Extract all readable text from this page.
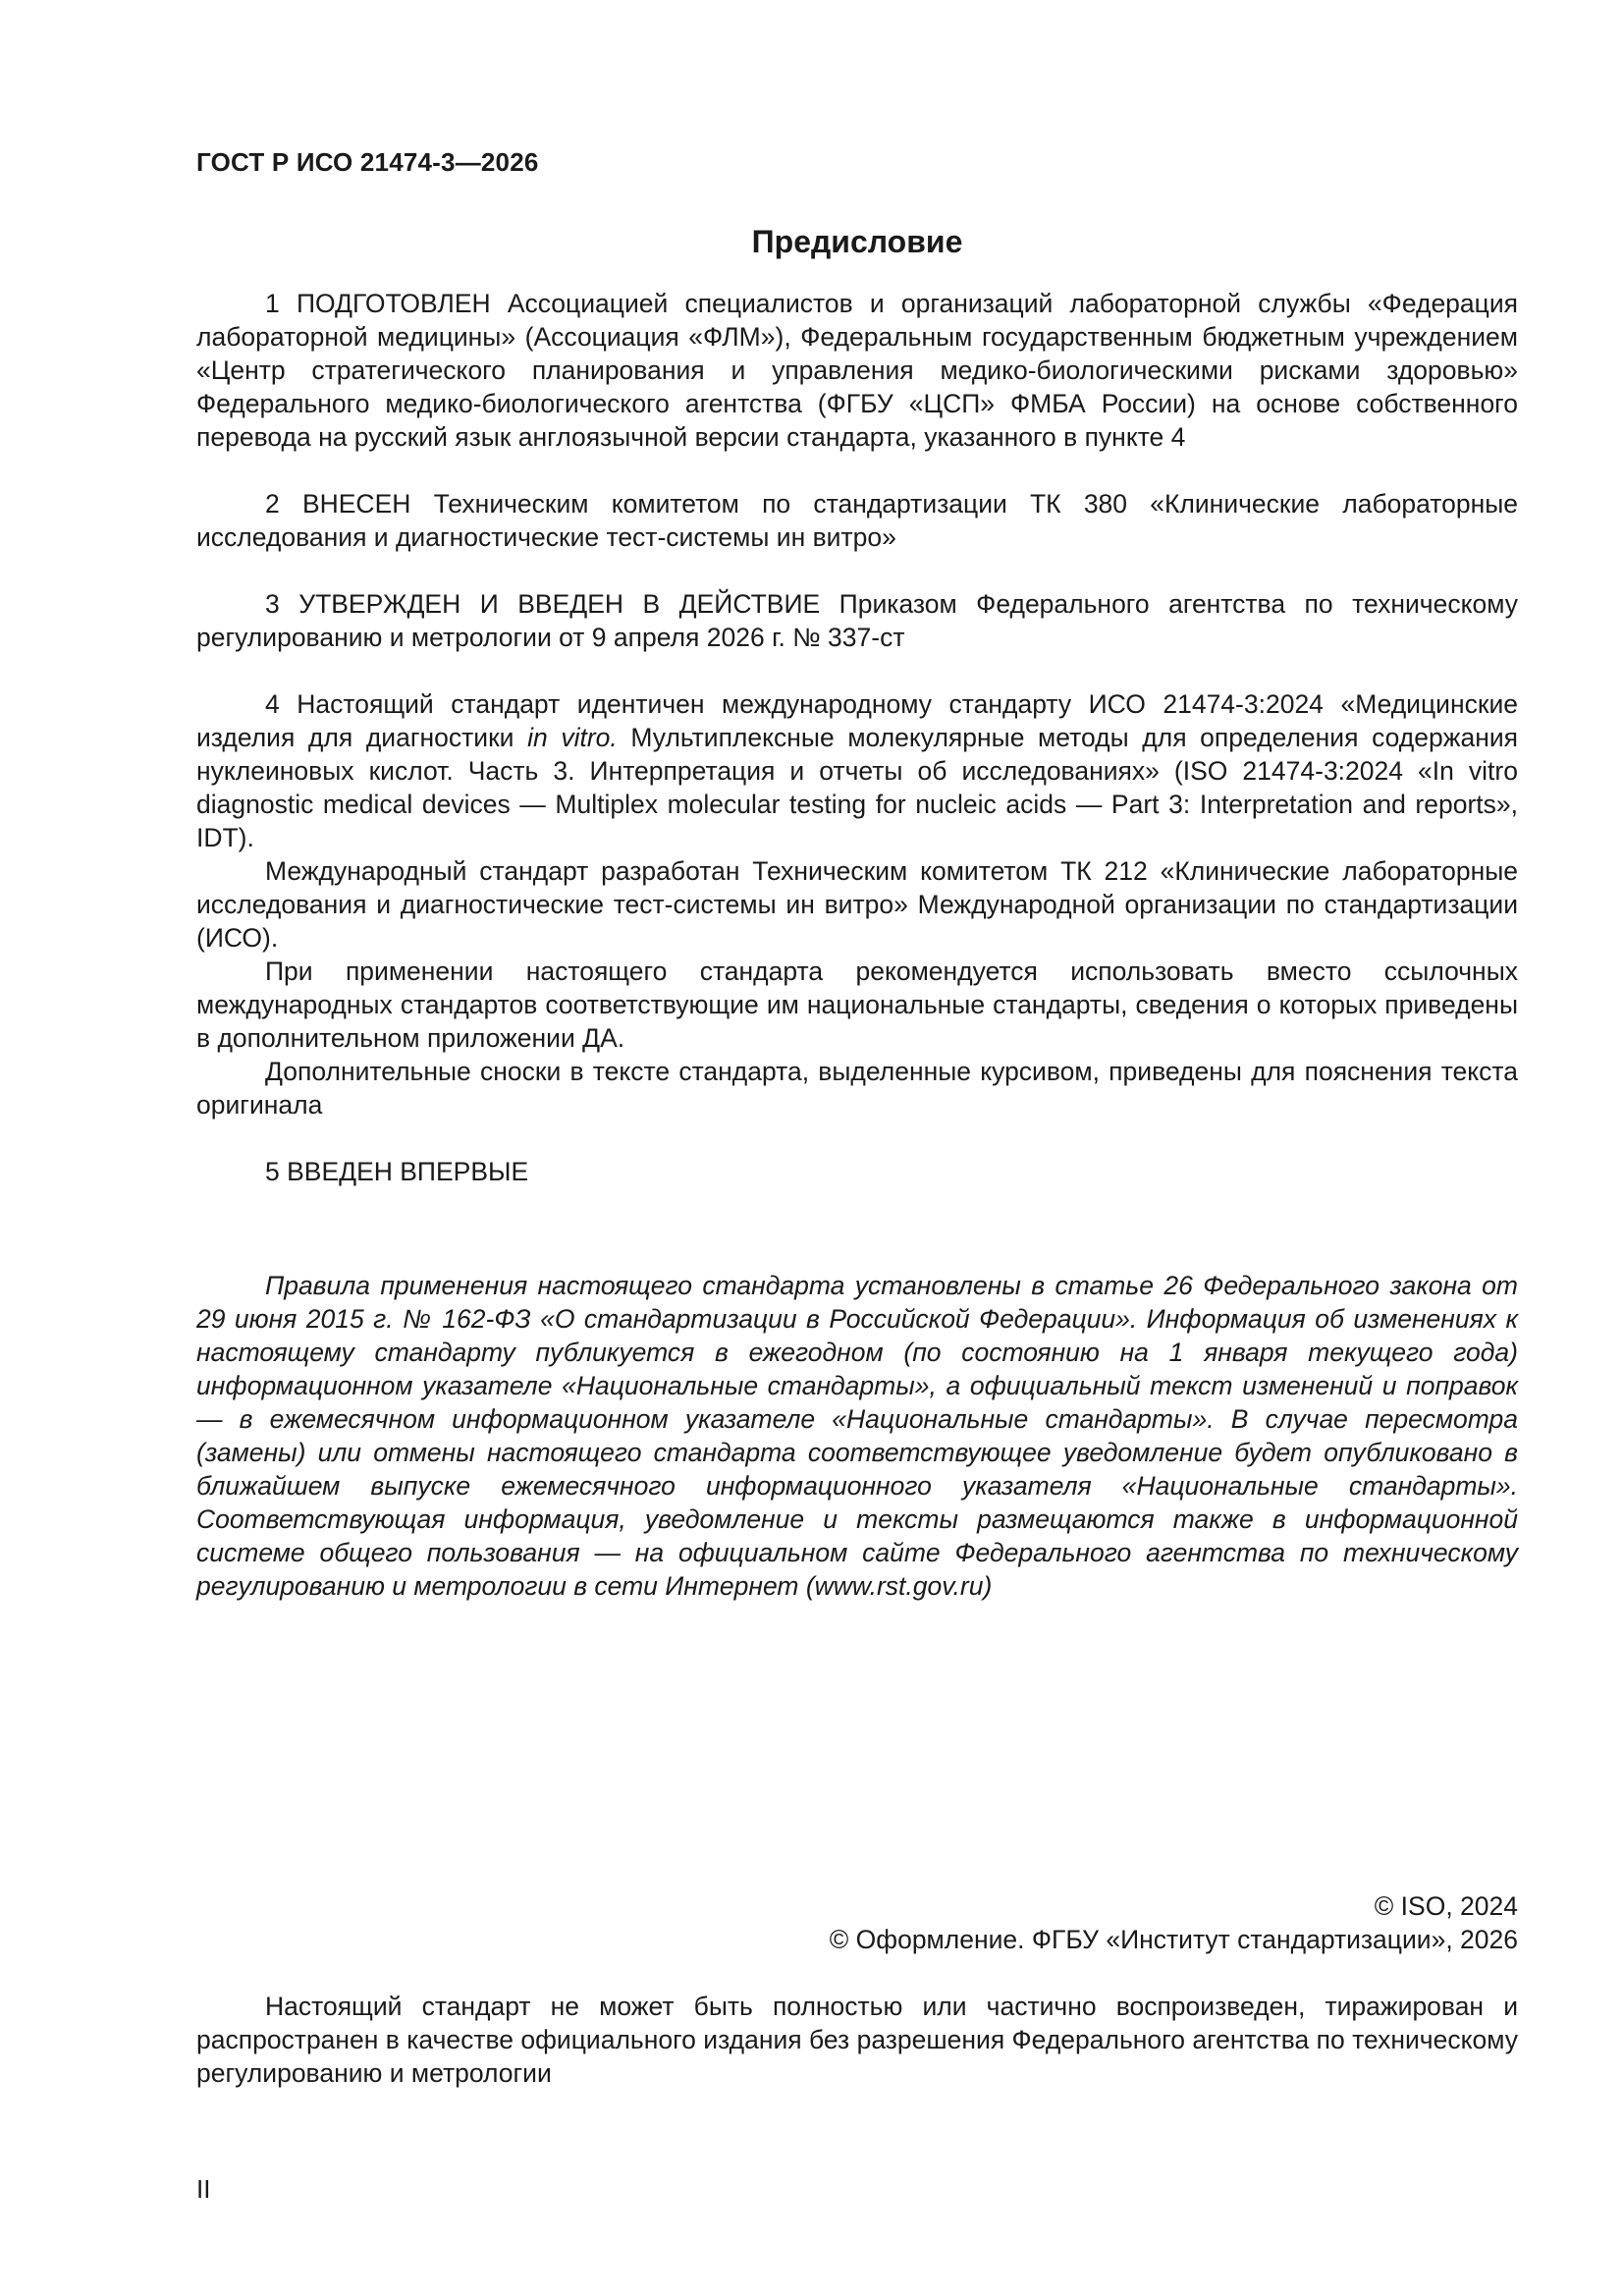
ГОСТ Р ИСО 21474-3—2026
Предисловие

1 ПОДГОТОВЛЕН Ассоциацией специалистов и организаций лабораторной службы «Федерация лабораторной медицины» (Ассоциация «ФЛМ»), Федеральным государственным бюджетным учреждением «Центр стратегического планирования и управления медико-биологическими рисками здоровью» Федерального медико-биологического агентства (ФГБУ «ЦСП» ФМБА России) на основе собственного перевода на русский язык англоязычной версии стандарта, указанного в пункте 4

2 ВНЕСЕН Техническим комитетом по стандартизации ТК 380 «Клинические лабораторные исследования и диагностические тест-системы ин витро»

3 УТВЕРЖДЕН И ВВЕДЕН В ДЕЙСТВИЕ Приказом Федерального агентства по техническому регулированию и метрологии от 9 апреля 2026 г. № 337-ст

4 Настоящий стандарт идентичен международному стандарту ИСО 21474-3:2024 «Медицинские изделия для диагностики in vitro. Мультиплексные молекулярные методы для определения содержания нуклеиновых кислот. Часть 3. Интерпретация и отчеты об исследованиях» (ISO 21474-3:2024 «In vitro diagnostic medical devices — Multiplex molecular testing for nucleic acids — Part 3: Interpretation and reports», IDT).

Международный стандарт разработан Техническим комитетом ТК 212 «Клинические лабораторные исследования и диагностические тест-системы ин витро» Международной организации по стандартизации (ИСО).

При применении настоящего стандарта рекомендуется использовать вместо ссылочных международных стандартов соответствующие им национальные стандарты, сведения о которых приведены в дополнительном приложении ДА.

Дополнительные сноски в тексте стандарта, выделенные курсивом, приведены для пояснения текста оригинала

5 ВВЕДЕН ВПЕРВЫЕ

Правила применения настоящего стандарта установлены в статье 26 Федерального закона от 29 июня 2015 г. № 162-ФЗ «О стандартизации в Российской Федерации». Информация об изменениях к настоящему стандарту публикуется в ежегодном (по состоянию на 1 января текущего года) информационном указателе «Национальные стандарты», а официальный текст изменений и поправок — в ежемесячном информационном указателе «Национальные стандарты». В случае пересмотра (замены) или отмены настоящего стандарта соответствующее уведомление будет опубликовано в ближайшем выпуске ежемесячного информационного указателя «Национальные стандарты». Соответствующая информация, уведомление и тексты размещаются также в информационной системе общего пользования — на официальном сайте Федерального агентства по техническому регулированию и метрологии в сети Интернет (www.rst.gov.ru)

© ISO, 2024
© Оформление. ФГБУ «Институт стандартизации», 2026

Настоящий стандарт не может быть полностью или частично воспроизведен, тиражирован и распространен в качестве официального издания без разрешения Федерального агентства по техническому регулированию и метрологии

II
